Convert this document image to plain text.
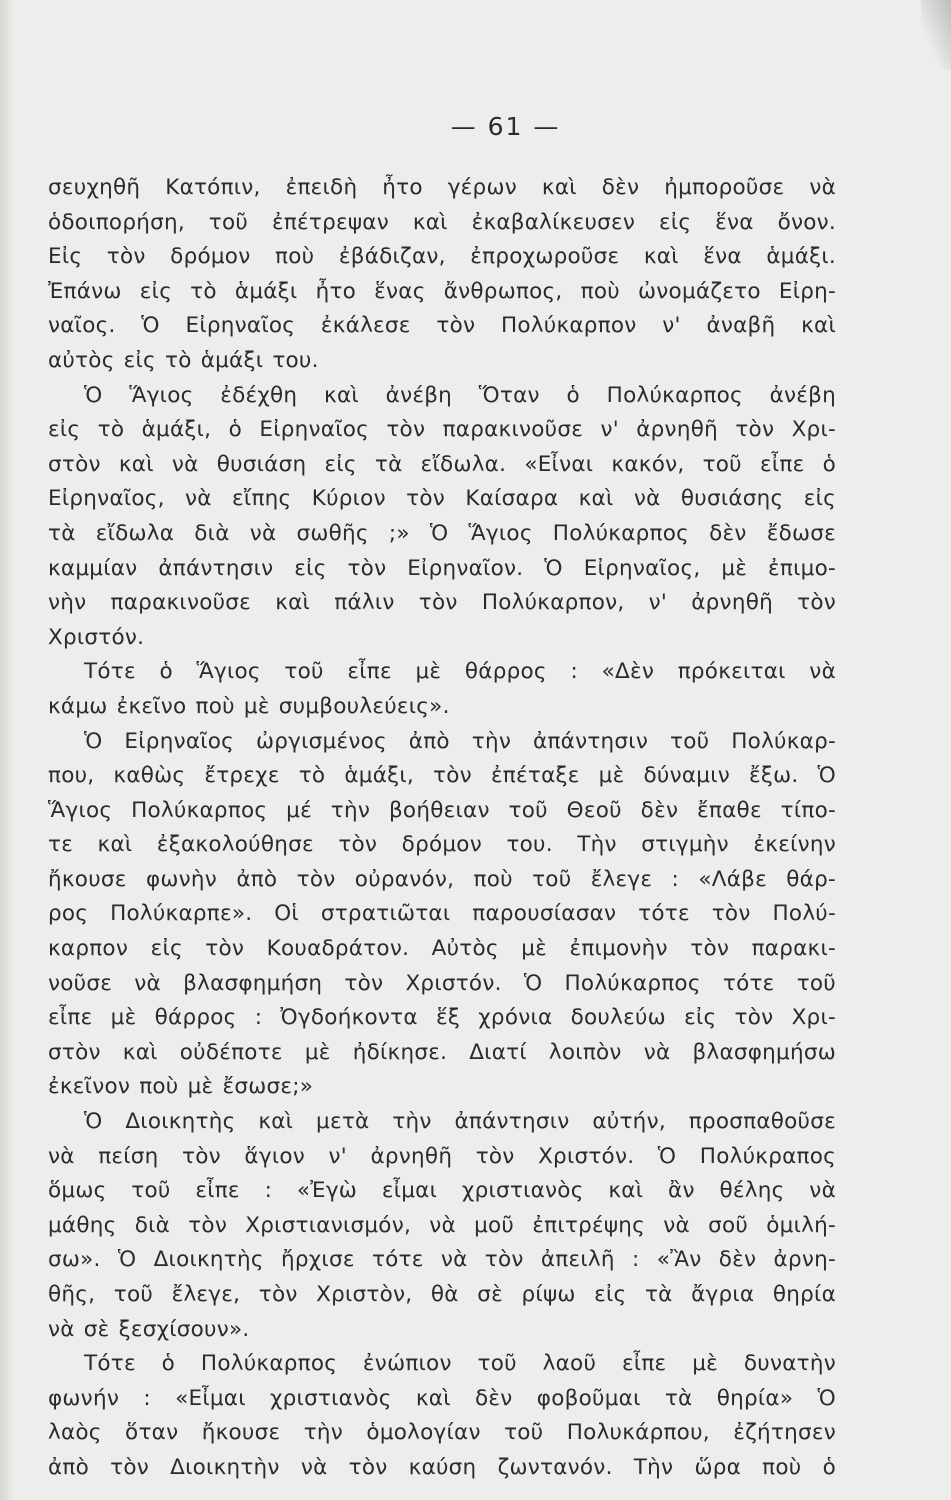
— 61 —
σευχηθῆ Κατόπιν, ἐπειδὴ ἦτο γέρων καὶ δὲν ἠμποροῦσε νὰ
ὁδοιπορήση, τοῦ ἐπέτρεψαν καὶ ἐκαβαλίκευσεν εἰς ἕνα ὄνον.
Εἰς τὸν δρόμον ποὺ ἐβάδιζαν, ἐπροχωροῦσε καὶ ἕνα ἁμάξι.
Ἐπάνω εἰς τὸ ἁμάξι ἦτο ἕνας ἄνθρωπος, ποὺ ὠνομάζετο Εἰρη-
ναῖος. Ὁ Εἰρηναῖος ἐκάλεσε τὸν Πολύκαρπον ν' ἀναβῆ καὶ
αὐτὸς εἰς τὸ ἁμάξι του.
Ὁ Ἅγιος ἐδέχθη καὶ ἀνέβη Ὅταν ὁ Πολύκαρπος ἀνέβη
εἰς τὸ ἁμάξι, ὁ Εἰρηναῖος τὸν παρακινοῦσε ν' ἀρνηθῆ τὸν Χρι-
στὸν καὶ νὰ θυσιάση εἰς τὰ εἴδωλα. «Εἶναι κακόν, τοῦ εἶπε ὁ
Εἰρηναῖος, νὰ εἴπης Κύριον τὸν Καίσαρα καὶ νὰ θυσιάσης εἰς
τὰ εἴδωλα διὰ νὰ σωθῆς ;» Ὁ Ἅγιος Πολύκαρπος δὲν ἔδωσε
καμμίαν ἀπάντησιν εἰς τὸν Εἰρηναῖον. Ὁ Εἰρηναῖος, μὲ ἐπιμο-
νὴν παρακινοῦσε καὶ πάλιν τὸν Πολύκαρπον, ν' ἀρνηθῆ τὸν
Χριστόν.
Τότε ὁ Ἅγιος τοῦ εἶπε μὲ θάρρος : «Δὲν πρόκειται νὰ
κάμω ἐκεῖνο ποὺ μὲ συμβουλεύεις».
Ὁ Εἰρηναῖος ὠργισμένος ἀπὸ τὴν ἀπάντησιν τοῦ Πολύκαρ-
που, καθὼς ἔτρεχε τὸ ἁμάξι, τὸν ἐπέταξε μὲ δύναμιν ἔξω. Ὁ
Ἅγιος Πολύκαρπος μέ τὴν βοήθειαν τοῦ Θεοῦ δὲν ἔπαθε τίπο-
τε καὶ ἐξακολούθησε τὸν δρόμον του. Τὴν στιγμὴν ἐκείνην
ἤκουσε φωνὴν ἀπὸ τὸν οὐρανόν, ποὺ τοῦ ἔλεγε : «Λάβε θάρ-
ρος Πολύκαρπε». Οἱ στρατιῶται παρουσίασαν τότε τὸν Πολύ-
καρπον εἰς τὸν Κουαδράτον. Αὐτὸς μὲ ἐπιμονὴν τὸν παρακι-
νοῦσε νὰ βλασφημήση τὸν Χριστόν. Ὁ Πολύκαρπος τότε τοῦ
εἶπε μὲ θάρρος : Ὀγδοήκοντα ἕξ χρόνια δουλεύω εἰς τὸν Χρι-
στὸν καὶ οὐδέποτε μὲ ἠδίκησε. Διατί λοιπὸν νὰ βλασφημήσω
ἐκεῖνον ποὺ μὲ ἔσωσε;»
Ὁ Διοικητὴς καὶ μετὰ τὴν ἀπάντησιν αὐτήν, προσπαθοῦσε
νὰ πείση τὸν ἅγιον ν' ἀρνηθῆ τὸν Χριστόν. Ὁ Πολύκραπος
ὅμως τοῦ εἶπε : «Ἐγὼ εἶμαι χριστιανὸς καὶ ἂν θέλης νὰ
μάθης διὰ τὸν Χριστιανισμόν, νὰ μοῦ ἐπιτρέψης νὰ σοῦ ὁμιλή-
σω». Ὁ Διοικητὴς ἤρχισε τότε νὰ τὸν ἀπειλῆ : «Ἂν δὲν ἀρνη-
θῆς, τοῦ ἔλεγε, τὸν Χριστὸν, θὰ σὲ ρίψω εἰς τὰ ἄγρια θηρία
νὰ σὲ ξεσχίσουν».
Τότε ὁ Πολύκαρπος ἐνώπιον τοῦ λαοῦ εἶπε μὲ δυνατὴν
φωνήν : «Εἶμαι χριστιανὸς καὶ δὲν φοβοῦμαι τὰ θηρία» Ὁ
λαὸς ὅταν ἤκουσε τὴν ὁμολογίαν τοῦ Πολυκάρπου, ἐζήτησεν
ἀπὸ τὸν Διοικητὴν νὰ τὸν καύση ζωντανόν. Τὴν ὥρα ποὺ ὁ
